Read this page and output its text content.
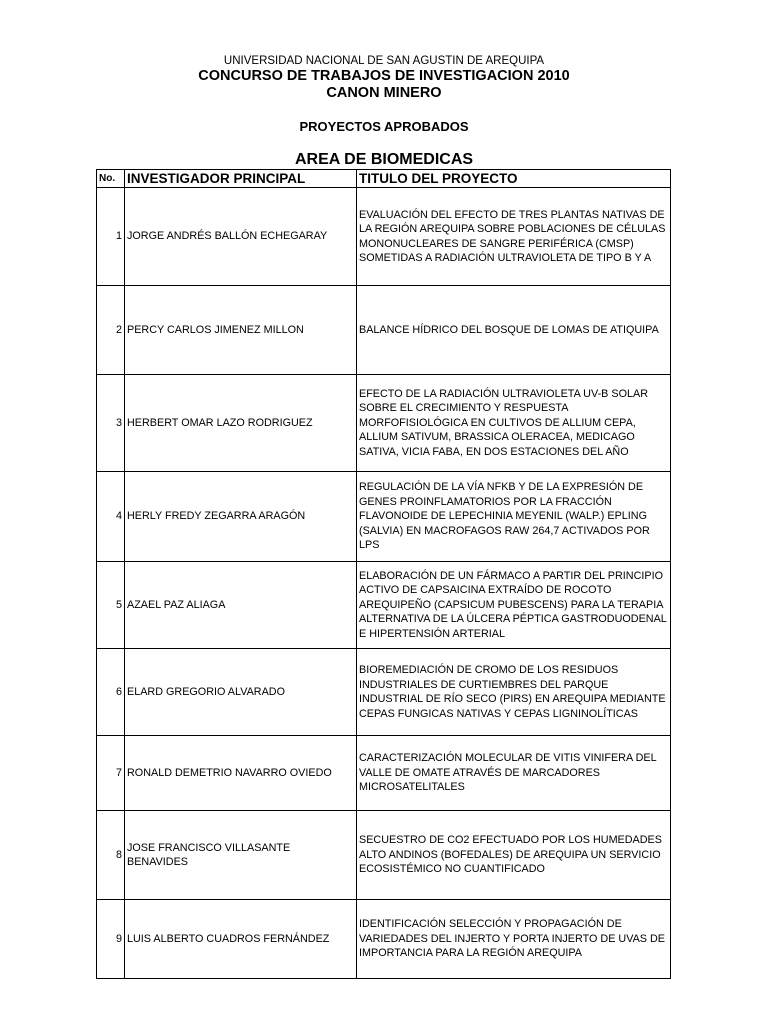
UNIVERSIDAD NACIONAL DE SAN AGUSTIN DE AREQUIPA
CONCURSO DE TRABAJOS DE INVESTIGACION 2010
CANON MINERO
PROYECTOS APROBADOS
AREA DE BIOMEDICAS
No.	INVESTIGADOR PRINCIPAL	TITULO DEL PROYECTO
1	JORGE ANDRÉS BALLÓN ECHEGARAY	EVALUACIÓN DEL EFECTO DE TRES PLANTAS NATIVAS DE LA REGIÓN AREQUIPA SOBRE POBLACIONES DE CÉLULAS MONONUCLEARES DE SANGRE PERIFÉRICA (CMSP) SOMETIDAS A RADIACIÓN ULTRAVIOLETA DE TIPO B Y A
2	PERCY CARLOS JIMENEZ MILLON	BALANCE HÍDRICO DEL BOSQUE DE LOMAS DE ATIQUIPA
3	HERBERT OMAR LAZO RODRIGUEZ	EFECTO DE LA RADIACIÓN ULTRAVIOLETA UV-B SOLAR SOBRE EL CRECIMIENTO Y RESPUESTA MORFOFISIOLÓGICA EN CULTIVOS DE ALLIUM CEPA, ALLIUM SATIVUM, BRASSICA OLERACEA, MEDICAGO SATIVA, VICIA FABA, EN DOS ESTACIONES DEL AÑO
4	HERLY FREDY ZEGARRA ARAGÓN	REGULACIÓN DE LA VÍA NFKB Y DE LA EXPRESIÓN DE GENES PROINFLAMATORIOS POR LA FRACCIÓN FLAVONOIDE DE LEPECHINIA MEYENIL (WALP.) EPLING (SALVIA) EN MACROFAGOS RAW 264,7 ACTIVADOS POR LPS
5	AZAEL PAZ ALIAGA	ELABORACIÓN DE UN FÁRMACO A PARTIR DEL PRINCIPIO ACTIVO DE CAPSAICINA EXTRAÍDO DE ROCOTO AREQUIPEÑO (CAPSICUM PUBESCENS) PARA LA TERAPIA ALTERNATIVA DE LA ÚLCERA PÉPTICA GASTRODUODENAL E HIPERTENSIÓN ARTERIAL
6	ELARD GREGORIO ALVARADO	BIOREMEDIACIÓN DE CROMO DE LOS RESIDUOS INDUSTRIALES DE CURTIEMBRES DEL PARQUE INDUSTRIAL DE RÍO SECO (PIRS) EN AREQUIPA MEDIANTE CEPAS FUNGICAS NATIVAS Y CEPAS LIGNINOLÍTICAS
7	RONALD DEMETRIO NAVARRO OVIEDO	CARACTERIZACIÓN MOLECULAR DE VITIS VINIFERA DEL VALLE DE OMATE ATRAVÉS DE MARCADORES MICROSATELITALES
8	JOSE FRANCISCO VILLASANTE BENAVIDES	SECUESTRO DE CO2 EFECTUADO POR LOS HUMEDADES ALTO ANDINOS (BOFEDALES) DE AREQUIPA UN SERVICIO ECOSISTÉMICO NO CUANTIFICADO
9	LUIS ALBERTO CUADROS FERNÁNDEZ	IDENTIFICACIÓN SELECCIÓN Y PROPAGACIÓN DE VARIEDADES DEL INJERTO Y PORTA INJERTO DE UVAS DE IMPORTANCIA PARA LA REGIÓN AREQUIPA
